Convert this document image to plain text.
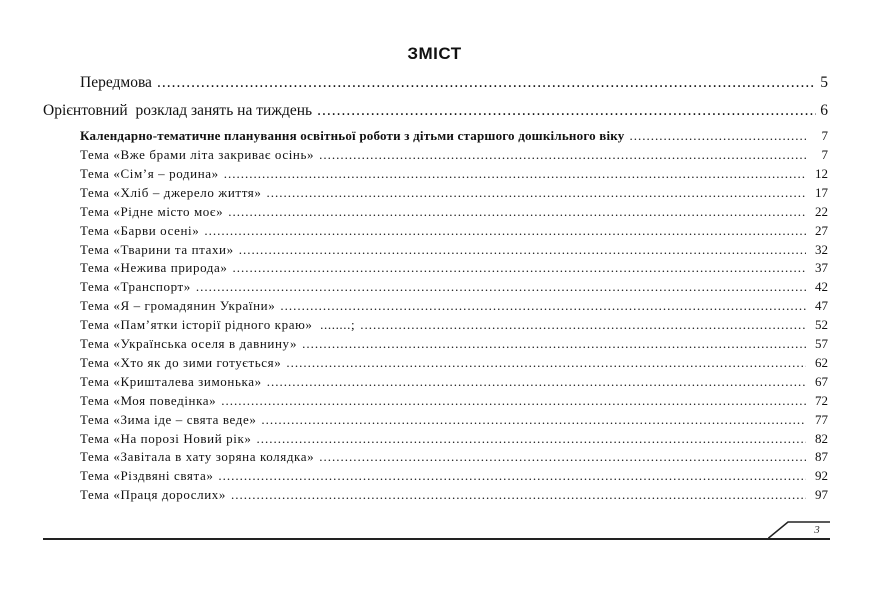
ЗМІСТ
Передмова .....	5
Орієнтовний  розклад занять на тиждень .....	6
Календарно-тематичне планування освітньої роботи з дітьми старшого дошкільного віку .....	7
Тема «Вже брами літа закриває осінь» .....	7
Тема «Сім’я – родина» .....	12
Тема «Хліб – джерело життя» .....	17
Тема «Рідне місто моє» .....	22
Тема «Барви осені» .....	27
Тема «Тварини та птахи» .....	32
Тема «Нежива природа» .....	37
Тема «Транспорт» .....	42
Тема «Я – громадянин України» .....	47
Тема «Пам’ятки історії рідного краю»  ........; .....	52
Тема «Українська оселя в давнину» .....	57
Тема «Хто як до зими готується» .....	62
Тема «Кришталева зимонька» .....	67
Тема «Моя поведінка» .....	72
Тема «Зима іде – свята веде» .....	77
Тема «На порозі Новий рік» .....	82
Тема «Завітала в хату зоряна колядка» .....	87
Тема «Різдвяні свята» .....	92
Тема «Праця дорослих» .....	97
3
